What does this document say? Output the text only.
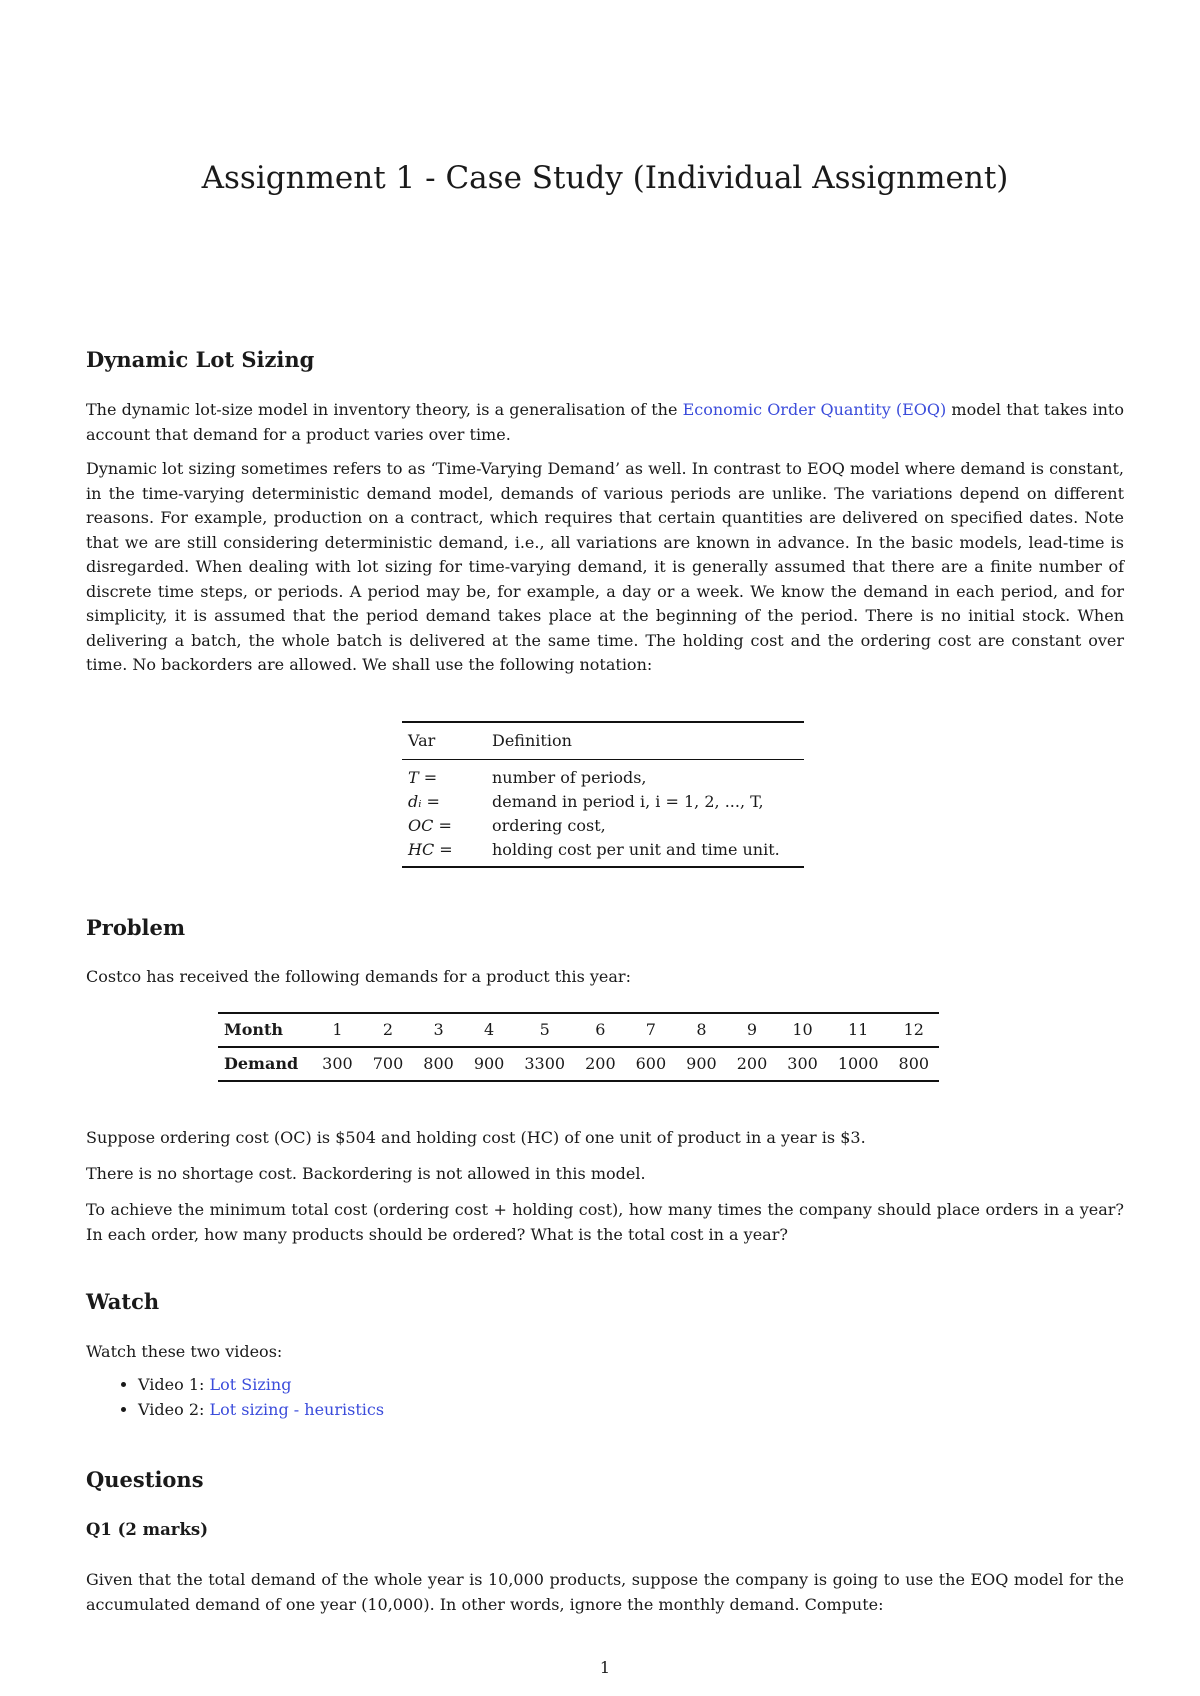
Assignment 1 - Case Study (Individual Assignment)
Dynamic Lot Sizing

The dynamic lot-size model in inventory theory, is a generalisation of the Economic Order Quantity (EOQ) model that takes into account that demand for a product varies over time.

Dynamic lot sizing sometimes refers to as ‘Time-Varying Demand’ as well. In contrast to EOQ model where demand is constant, in the time-varying deterministic demand model, demands of various periods are unlike. The variations depend on different reasons. For example, production on a contract, which requires that certain quantities are delivered on specified dates. Note that we are still considering deterministic demand, i.e., all variations are known in advance. In the basic models, lead-time is disregarded. When dealing with lot sizing for time-varying demand, it is generally assumed that there are a finite number of discrete time steps, or periods. A period may be, for example, a day or a week. We know the demand in each period, and for simplicity, it is assumed that the period demand takes place at the beginning of the period. There is no initial stock. When delivering a batch, the whole batch is delivered at the same time. The holding cost and the ordering cost are constant over time. No backorders are allowed. We shall use the following notation:

Var	Definition
T =	number of periods,
dᵢ =	demand in period i, i = 1, 2, ..., T,
OC =	ordering cost,
HC =	holding cost per unit and time unit.
Problem

Costco has received the following demands for a product this year:

Month	1	2	3	4	5	6	7	8	9	10	11	12
Demand	300	700	800	900	3300	200	600	900	200	300	1000	800

Suppose ordering cost (OC) is $504 and holding cost (HC) of one unit of product in a year is $3.

There is no shortage cost. Backordering is not allowed in this model.

To achieve the minimum total cost (ordering cost + holding cost), how many times the company should place orders in a year? In each order, how many products should be ordered? What is the total cost in a year?

Watch

Watch these two videos:

• Video 1: Lot Sizing
• Video 2: Lot sizing - heuristics
Questions
Q1 (2 marks)

Given that the total demand of the whole year is 10,000 products, suppose the company is going to use the EOQ model for the accumulated demand of one year (10,000). In other words, ignore the monthly demand. Compute:

1
